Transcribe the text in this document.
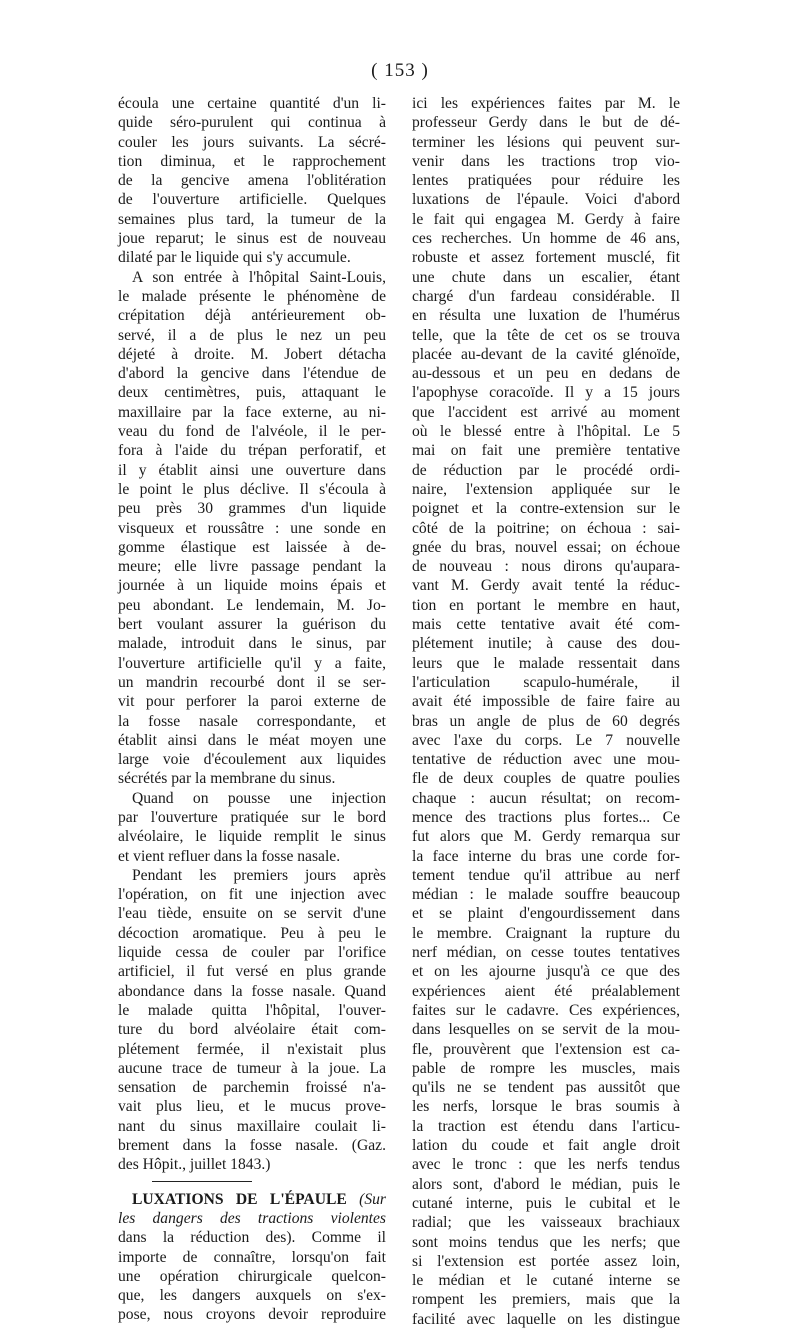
( 153 )
écoula une certaine quantité d'un li-
quide séro-purulent qui continua à
couler les jours suivants. La sécré-
tion diminua, et le rapprochement
de la gencive amena l'oblitération
de l'ouverture artificielle. Quelques
semaines plus tard, la tumeur de la
joue reparut; le sinus est de nouveau
dilaté par le liquide qui s'y accumule.
A son entrée à l'hôpital Saint-Louis,
le malade présente le phénomène de
crépitation déjà antérieurement ob-
servé, il a de plus le nez un peu
déjeté à droite. M. Jobert détacha
d'abord la gencive dans l'étendue de
deux centimètres, puis, attaquant le
maxillaire par la face externe, au ni-
veau du fond de l'alvéole, il le per-
fora à l'aide du trépan perforatif, et
il y établit ainsi une ouverture dans
le point le plus déclive. Il s'écoula à
peu près 30 grammes d'un liquide
visqueux et roussâtre : une sonde en
gomme élastique est laissée à de-
meure; elle livre passage pendant la
journée à un liquide moins épais et
peu abondant. Le lendemain, M. Jo-
bert voulant assurer la guérison du
malade, introduit dans le sinus, par
l'ouverture artificielle qu'il y a faite,
un mandrin recourbé dont il se ser-
vit pour perforer la paroi externe de
la fosse nasale correspondante, et
établit ainsi dans le méat moyen une
large voie d'écoulement aux liquides
sécrétés par la membrane du sinus.
Quand on pousse une injection
par l'ouverture pratiquée sur le bord
alvéolaire, le liquide remplit le sinus
et vient refluer dans la fosse nasale.
Pendant les premiers jours après
l'opération, on fit une injection avec
l'eau tiède, ensuite on se servit d'une
décoction aromatique. Peu à peu le
liquide cessa de couler par l'orifice
artificiel, il fut versé en plus grande
abondance dans la fosse nasale. Quand
le malade quitta l'hôpital, l'ouver-
ture du bord alvéolaire était com-
plétement fermée, il n'existait plus
aucune trace de tumeur à la joue. La
sensation de parchemin froissé n'a-
vait plus lieu, et le mucus prove-
nant du sinus maxillaire coulait li-
brement dans la fosse nasale. (Gaz.
des Hôpit., juillet 1843.)
LUXATIONS DE L'ÉPAULE (Sur
les dangers des tractions violentes
dans la réduction des). Comme il
importe de connaître, lorsqu'on fait
une opération chirurgicale quelcon-
que, les dangers auxquels on s'ex-
pose, nous croyons devoir reproduire
ici les expériences faites par M. le
professeur Gerdy dans le but de dé-
terminer les lésions qui peuvent sur-
venir dans les tractions trop vio-
lentes pratiquées pour réduire les
luxations de l'épaule. Voici d'abord
le fait qui engagea M. Gerdy à faire
ces recherches. Un homme de 46 ans,
robuste et assez fortement musclé, fit
une chute dans un escalier, étant
chargé d'un fardeau considérable. Il
en résulta une luxation de l'humérus
telle, que la tête de cet os se trouva
placée au-devant de la cavité glénoïde,
au-dessous et un peu en dedans de
l'apophyse coracoïde. Il y a 15 jours
que l'accident est arrivé au moment
où le blessé entre à l'hôpital. Le 5
mai on fait une première tentative
de réduction par le procédé ordi-
naire, l'extension appliquée sur le
poignet et la contre-extension sur le
côté de la poitrine; on échoua : sai-
gnée du bras, nouvel essai; on échoue
de nouveau : nous dirons qu'aupara-
vant M. Gerdy avait tenté la réduc-
tion en portant le membre en haut,
mais cette tentative avait été com-
plétement inutile; à cause des dou-
leurs que le malade ressentait dans
l'articulation scapulo-humérale, il
avait été impossible de faire faire au
bras un angle de plus de 60 degrés
avec l'axe du corps. Le 7 nouvelle
tentative de réduction avec une mou-
fle de deux couples de quatre poulies
chaque : aucun résultat; on recom-
mence des tractions plus fortes... Ce
fut alors que M. Gerdy remarqua sur
la face interne du bras une corde for-
tement tendue qu'il attribue au nerf
médian : le malade souffre beaucoup
et se plaint d'engourdissement dans
le membre. Craignant la rupture du
nerf médian, on cesse toutes tentatives
et on les ajourne jusqu'à ce que des
expériences aient été préalablement
faites sur le cadavre. Ces expériences,
dans lesquelles on se servit de la mou-
fle, prouvèrent que l'extension est ca-
pable de rompre les muscles, mais
qu'ils ne se tendent pas aussitôt que
les nerfs, lorsque le bras soumis à
la traction est étendu dans l'articu-
lation du coude et fait angle droit
avec le tronc : que les nerfs tendus
alors sont, d'abord le médian, puis le
cutané interne, puis le cubital et le
radial; que les vaisseaux brachiaux
sont moins tendus que les nerfs; que
si l'extension est portée assez loin,
le médian et le cutané interne se
rompent les premiers, mais que la
facilité avec laquelle on les distingue
